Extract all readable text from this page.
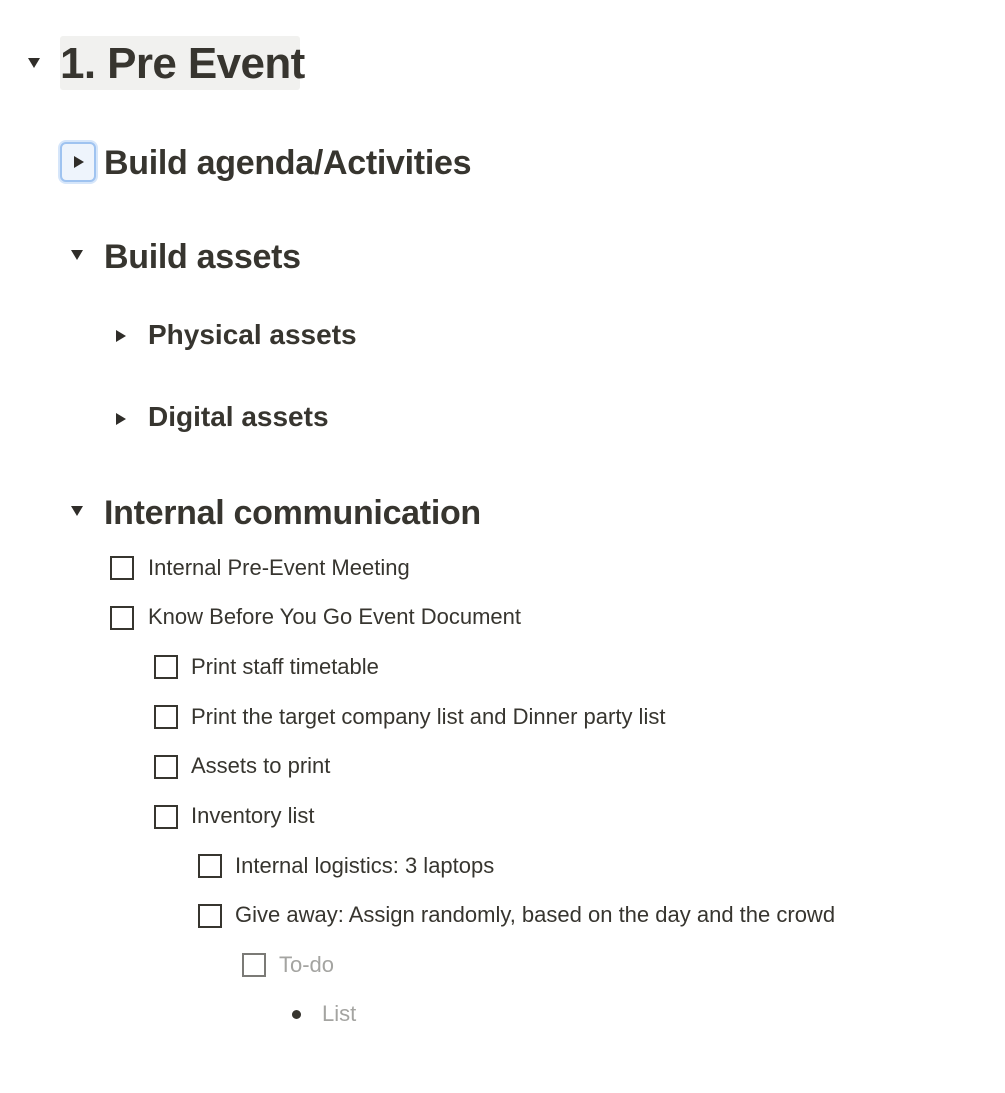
1. Pre Event
Build agenda/Activities
Build assets
Physical assets
Digital assets
Internal communication
Internal Pre-Event Meeting
Know Before You Go Event Document
Print staff timetable
Print the target company list and Dinner party list
Assets to print
Inventory list
Internal logistics: 3 laptops
Give away: Assign randomly, based on the day and the crowd
To-do
List
